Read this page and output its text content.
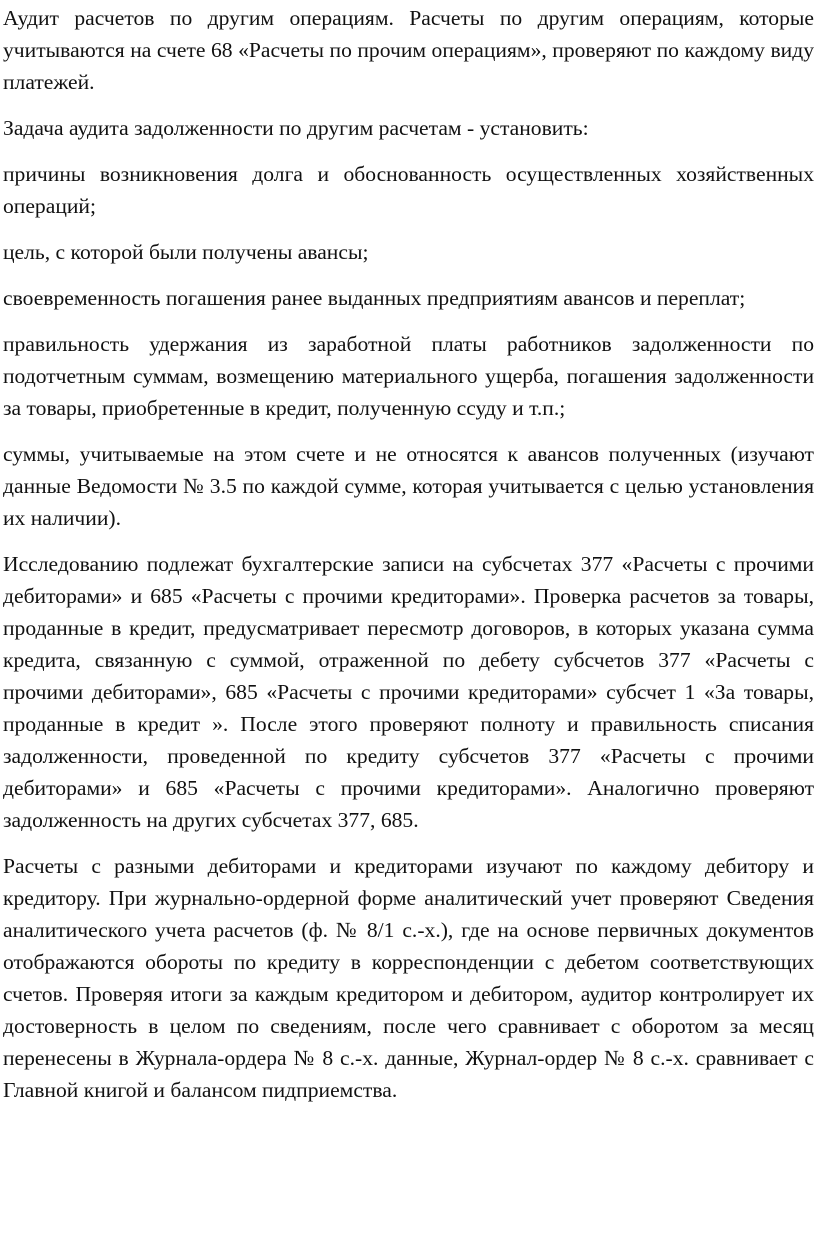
Аудит расчетов по другим операциям. Расчеты по другим операциям, которые учитываются на счете 68 «Расчеты по прочим операциям», проверяют по каждому виду платежей.

Задача аудита задолженности по другим расчетам - установить:

причины возникновения долга и обоснованность осуществленных хозяйственных операций;

цель, с которой были получены авансы;

своевременность погашения ранее выданных предприятиям авансов и переплат;

правильность удержания из заработной платы работников задолженности по подотчетным суммам, возмещению материального ущерба, погашения задолженности за товары, приобретенные в кредит, полученную ссуду и т.п.;

суммы, учитываемые на этом счете и не относятся к авансов полученных (изучают данные Ведомости № 3.5 по каждой сумме, которая учитывается с целью установления их наличии).

Исследованию подлежат бухгалтерские записи на субсчетах 377 «Расчеты с прочими дебиторами» и 685 «Расчеты с прочими кредиторами». Проверка расчетов за товары, проданные в кредит, предусматривает пересмотр договоров, в которых указана сумма кредита, связанную с суммой, отраженной по дебету субсчетов 377 «Расчеты с прочими дебиторами», 685 «Расчеты с прочими кредиторами» субсчет 1 «За товары, проданные в кредит ». После этого проверяют полноту и правильность списания задолженности, проведенной по кредиту субсчетов 377 «Расчеты с прочими дебиторами» и 685 «Расчеты с прочими кредиторами». Аналогично проверяют задолженность на других субсчетах 377, 685.

Расчеты с разными дебиторами и кредиторами изучают по каждому дебитору и кредитору. При журнально-ордерной форме аналитический учет проверяют Сведения аналитического учета расчетов (ф. № 8/1 с.-х.), где на основе первичных документов отображаются обороты по кредиту в корреспонденции с дебетом соответствующих счетов. Проверяя итоги за каждым кредитором и дебитором, аудитор контролирует их достоверность в целом по сведениям, после чего сравнивает с оборотом за месяц перенесены в Журнала-ордера № 8 с.-х. данные, Журнал-ордер № 8 с.-х. сравнивает с Главной книгой и балансом пидприемства.
